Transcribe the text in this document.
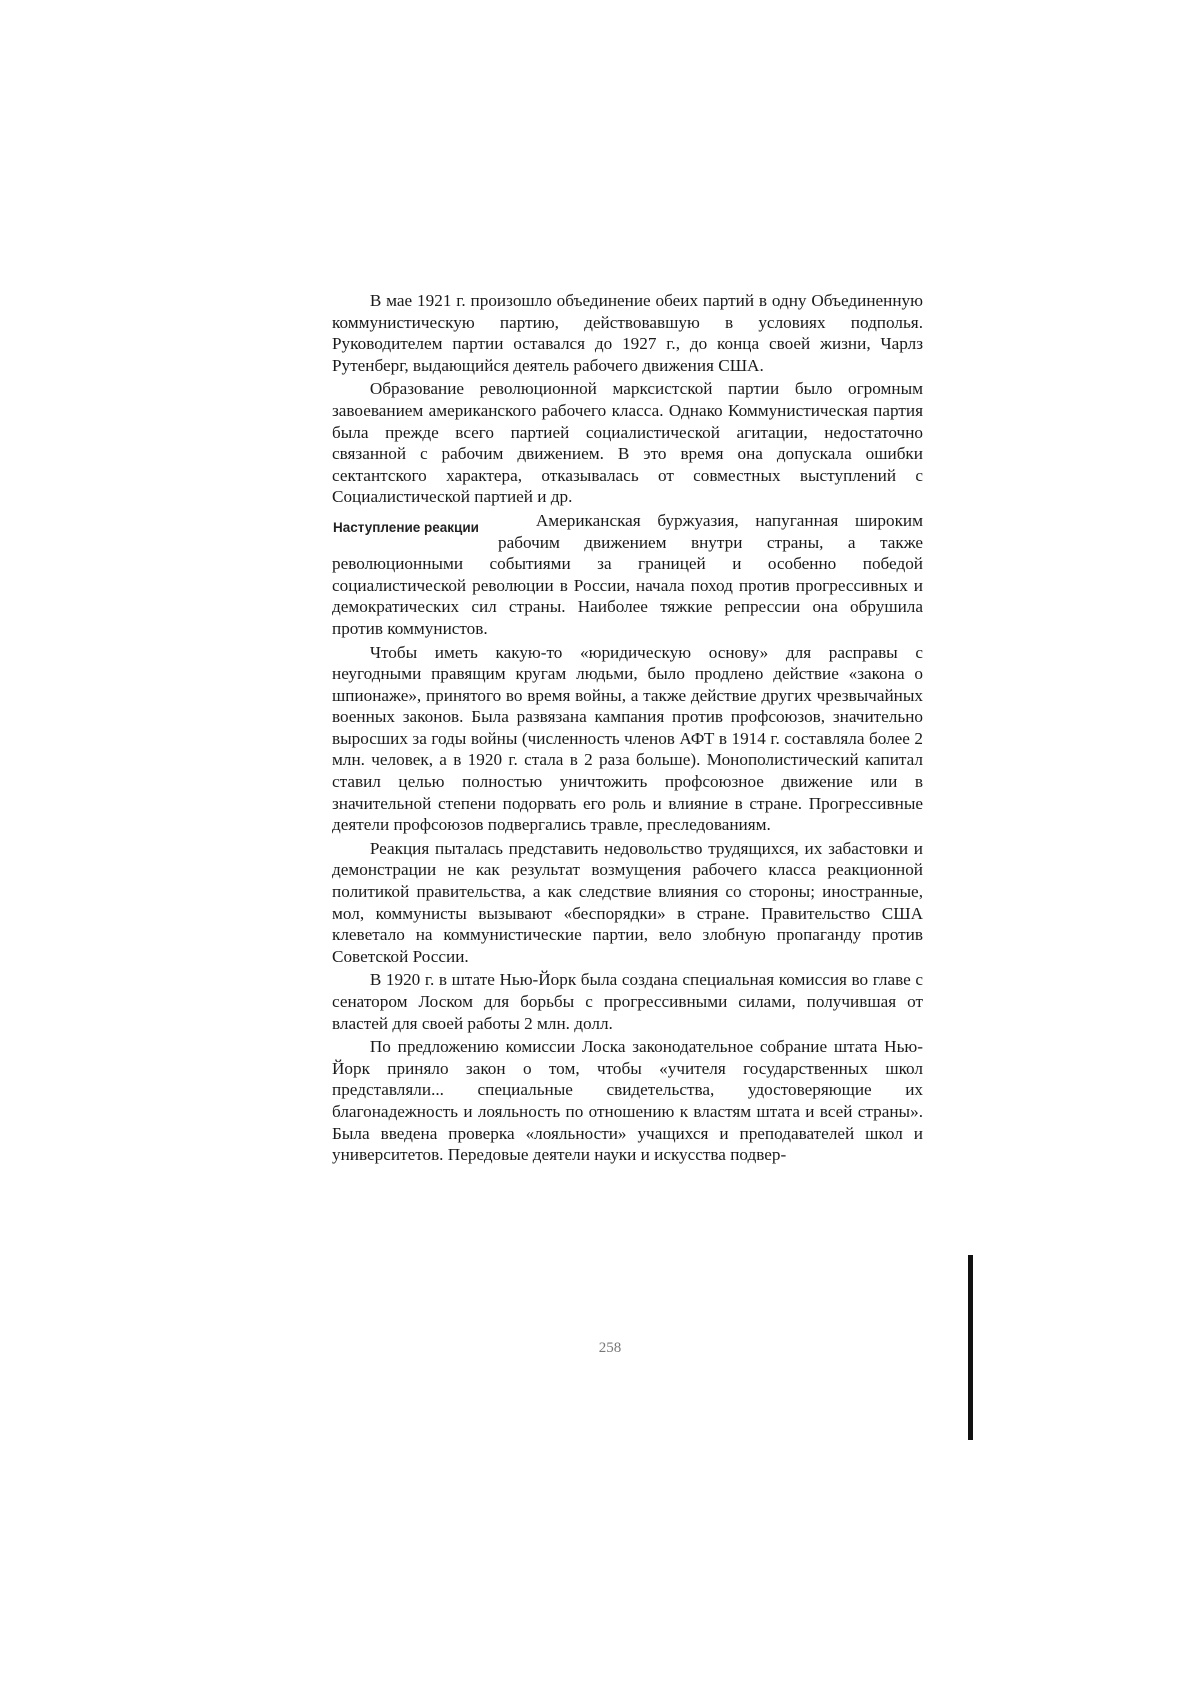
В мае 1921 г. произошло объединение обеих партий в одну Объединенную коммунистическую партию, действовавшую в условиях подполья. Руководителем партии оставался до 1927 г., до конца своей жизни, Чарлз Рутенберг, выдающийся деятель рабочего движения США.

Образование революционной марксистской партии было огромным завоеванием американского рабочего класса. Однако Коммунистическая партия была прежде всего партией социалистической агитации, недостаточно связанной с рабочим движением. В это время она допускала ошибки сектантского характера, отказывалась от совместных выступлений с Социалистической партией и др.

Наступление реакции	Американская буржуазия, напуганная широким рабочим движением внутри страны, а также революционными событиями за границей и особенно победой социалистической революции в России, начала поход против прогрессивных и демократических сил страны. Наиболее тяжкие репрессии она обрушила против коммунистов.

Чтобы иметь какую-то «юридическую основу» для расправы с неугодными правящим кругам людьми, было продлено действие «закона о шпионаже», принятого во время войны, а также действие других чрезвычайных военных законов. Была развязана кампания против профсоюзов, значительно выросших за годы войны (численность членов АФТ в 1914 г. составляла более 2 млн. человек, а в 1920 г. стала в 2 раза больше). Монополистический капитал ставил целью полностью уничтожить профсоюзное движение или в значительной степени подорвать его роль и влияние в стране. Прогрессивные деятели профсоюзов подвергались травле, преследованиям.

Реакция пыталась представить недовольство трудящихся, их забастовки и демонстрации не как результат возмущения рабочего класса реакционной политикой правительства, а как следствие влияния со стороны; иностранные, мол, коммунисты вызывают «беспорядки» в стране. Правительство США клеветало на коммунистические партии, вело злобную пропаганду против Советской России.

В 1920 г. в штате Нью-Йорк была создана специальная комиссия во главе с сенатором Лоском для борьбы с прогрессивными силами, получившая от властей для своей работы 2 млн. долл.

По предложению комиссии Лоска законодательное собрание штата Нью-Йорк приняло закон о том, чтобы «учителя государственных школ представляли... специальные свидетельства, удостоверяющие их благонадежность и лояльность по отношению к властям штата и всей страны». Была введена проверка «лояльности» учащихся и преподавателей школ и университетов. Передовые деятели науки и искусства подвер-

258
